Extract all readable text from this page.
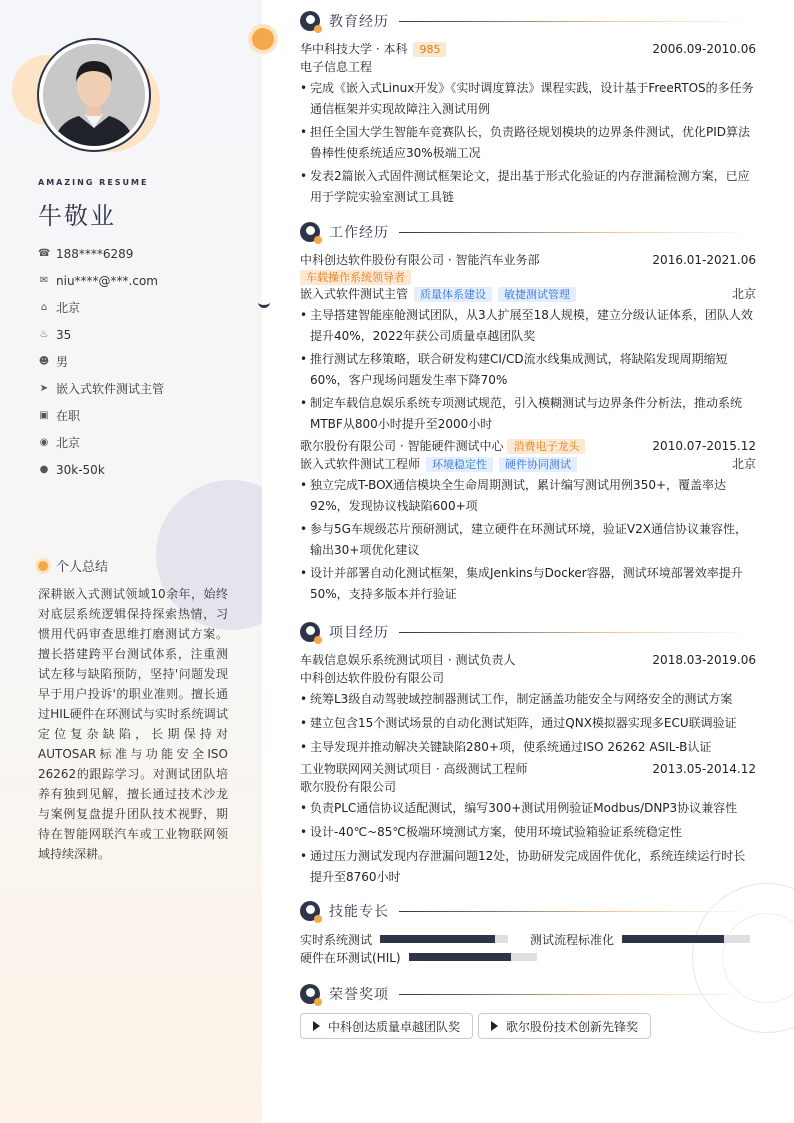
AMAZING RESUME
牛敬业
☎ 188****6289
✉ niu****@***.com
⌂ 北京
♨ 35
☻ 男
➤ 嵌入式软件测试主管
▣ 在职
◉ 北京
● 30k-50k
个人总结
深耕嵌入式测试领域10余年，始终对底层系统逻辑保持探索热情，习惯用代码审查思维打磨测试方案。擅长搭建跨平台测试体系，注重测试左移与缺陷预防，坚持'问题发现早于用户投诉'的职业准则。擅长通过HIL硬件在环测试与实时系统调试定位复杂缺陷，长期保持对AUTOSAR标准与功能安全ISO 26262的跟踪学习。对测试团队培养有独到见解，擅长通过技术沙龙与案例复盘提升团队技术视野，期待在智能网联汽车或工业物联网领域持续深耕。
教育经历
华中科技大学 · 本科	985	2006.09-2010.06
电子信息工程
• 完成《嵌入式Linux开发》《实时调度算法》课程实践，设计基于FreeRTOS的多任务通信框架并实现故障注入测试用例
• 担任全国大学生智能车竞赛队长，负责路径规划模块的边界条件测试，优化PID算法鲁棒性使系统适应30%极端工况
• 发表2篇嵌入式固件测试框架论文，提出基于形式化验证的内存泄漏检测方案，已应用于学院实验室测试工具链
工作经历
中科创达软件股份有限公司 · 智能汽车业务部	2016.01-2021.06
车载操作系统领导者
嵌入式软件测试主管	质量体系建设	敏捷测试管理	北京
• 主导搭建智能座舱测试团队，从3人扩展至18人规模，建立分级认证体系，团队人效提升40%，2022年获公司质量卓越团队奖
• 推行测试左移策略，联合研发构建CI/CD流水线集成测试，将缺陷发现周期缩短60%，客户现场问题发生率下降70%
• 制定车载信息娱乐系统专项测试规范，引入模糊测试与边界条件分析法，推动系统MTBF从800小时提升至2000小时
歌尔股份有限公司 · 智能硬件测试中心 消费电子龙头	2010.07-2015.12
嵌入式软件测试工程师	环境稳定性	硬件协同测试	北京
• 独立完成T-BOX通信模块全生命周期测试，累计编写测试用例350+，覆盖率达92%，发现协议栈缺陷600+项
• 参与5G车规级芯片预研测试，建立硬件在环测试环境，验证V2X通信协议兼容性，输出30+项优化建议
• 设计并部署自动化测试框架，集成Jenkins与Docker容器，测试环境部署效率提升50%，支持多版本并行验证
项目经历
车载信息娱乐系统测试项目 · 测试负责人	2018.03-2019.06
中科创达软件股份有限公司
• 统筹L3级自动驾驶域控制器测试工作，制定涵盖功能安全与网络安全的测试方案
• 建立包含15个测试场景的自动化测试矩阵，通过QNX模拟器实现多ECU联调验证
• 主导发现并推动解决关键缺陷280+项，使系统通过ISO 26262 ASIL-B认证
工业物联网网关测试项目 · 高级测试工程师	2013.05-2014.12
歌尔股份有限公司
• 负责PLC通信协议适配测试，编写300+测试用例验证Modbus/DNP3协议兼容性
• 设计-40℃~85℃极端环境测试方案，使用环境试验箱验证系统稳定性
• 通过压力测试发现内存泄漏问题12处，协助研发完成固件优化，系统连续运行时长提升至8760小时
技能专长
实时系统测试	测试流程标准化
硬件在环测试(HIL)
荣誉奖项
中科创达质量卓越团队奖	歌尔股份技术创新先锋奖
